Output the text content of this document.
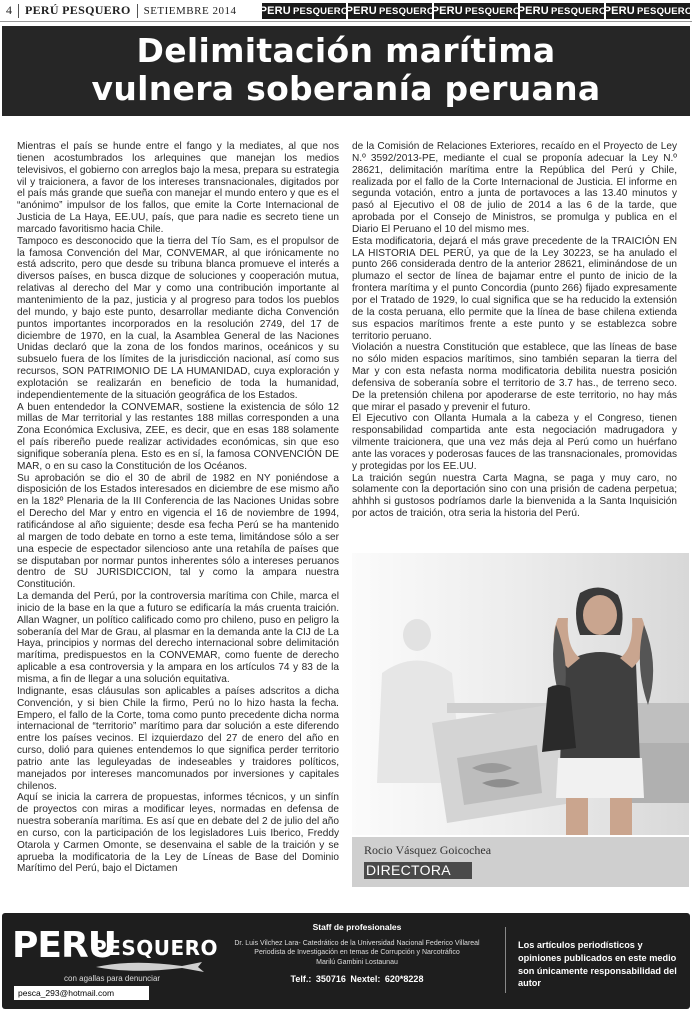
4 PERÚ PESQUERO SETIEMBRE 2014 PERU PESQUERO
PERU PESQUERO
PERU PESQUERO
PERU PESQUERO
PERU PESQUERO
Delimitación marítima
vulnera soberanía peruana

Mientras el país se hunde entre el fango y la mediates, al que nos tienen acostumbrados los arlequines que manejan los medios televisivos, el gobierno con arreglos bajo la mesa, prepara su estrategia vil y traicionera, a favor de los intereses transnacionales, digitados por el país más grande que sueña con manejar el mundo entero y que es el “anónimo” impulsor de los fallos, que emite la Corte Internacional de Justicia de La Haya, EE.UU, país, que para nadie es secreto tiene un marcado favoritismo hacia Chile.

Tampoco es desconocido que la tierra del Tío Sam, es el propulsor de la famosa Convención del Mar, CONVEMAR, al que irónicamente no está adscrito, pero que desde su tribuna blanca promueve el interés a diversos países, en busca dizque de soluciones y cooperación mutua, relativas al derecho del Mar y como una contribución importante al mantenimiento de la paz, justicia y al progreso para todos los pueblos del mundo, y bajo este punto, desarrollar mediante dicha Convención puntos importantes incorporados en la resolución 2749, del 17 de diciembre de 1970, en la cual, la Asamblea General de las Naciones Unidas declaró que la zona de los fondos marinos, oceánicos y su subsuelo fuera de los límites de la jurisdicción nacional, así como sus recursos, SON PATRIMONIO DE LA HUMANIDAD, cuya exploración y explotación se realizarán en beneficio de toda la humanidad, independientemente de la situación geográfica de los Estados.

A buen entendedor la CONVEMAR, sostiene la existencia de sólo 12 millas de Mar territorial y las restantes 188 millas corresponden a una Zona Económica Exclusiva, ZEE, es decir, que en esas 188 solamente el país ribereño puede realizar actividades económicas, sin que eso signifique soberanía plena. Esto es en sí, la famosa CONVENCIÓN DE MAR, o en su caso la Constitución de los Océanos.

Su aprobación se dio el 30 de abril de 1982 en NY poniéndose a disposición de los Estados interesados en diciembre de ese mismo año en la 182º Plenaria de la III Conferencia de las Naciones Unidas sobre el Derecho del Mar y entro en vigencia el 16 de noviembre de 1994, ratificándose al año siguiente; desde esa fecha Perú se ha mantenido al margen de todo debate en torno a este tema, limitándose sólo a ser una especie de espectador silencioso ante una retahíla de países que se disputaban por normar puntos inherentes sólo a intereses peruanos dentro de SU JURISDICCION, tal y como la ampara nuestra Constitución.

La demanda del Perú, por la controversia marítima con Chile, marca el inicio de la base en la que a futuro se edificaría la más cruenta traición. Allan Wagner, un político calificado como pro chileno, puso en peligro la soberanía del Mar de Grau, al plasmar en la demanda ante la CIJ de La Haya, principios y normas del derecho internacional sobre delimitación marítima, predispuestos en la CONVEMAR, como fuente de derecho aplicable a esa controversia y la ampara en los artículos 74 y 83 de la misma, a fin de llegar a una solución equitativa.

Indignante, esas cláusulas son aplicables a países adscritos a dicha Convención, y si bien Chile la firmo, Perú no lo hizo hasta la fecha. Empero, el fallo de la Corte, toma como punto precedente dicha norma internacional de “territorio” marítimo para dar solución a este diferendo entre los países vecinos. El izquierdazo del 27 de enero del año en curso, dolió para quienes entendemos lo que significa perder territorio patrio ante las leguleyadas de indeseables y traidores políticos, manejados por intereses mancomunados por inversiones y capitales chilenos.

Aquí se inicia la carrera de propuestas, informes técnicos, y un sinfín de proyectos con miras a modificar leyes, normadas en defensa de nuestra soberanía marítima. Es así que en debate del 2 de julio del año en curso, con la participación de los legisladores Luis Iberico, Freddy Otarola y Carmen Omonte, se desenvaina el sable de la traición y se aprueba la modificatoria de la Ley de Líneas de Base del Dominio Marítimo del Perú, bajo el Dictamen

de la Comisión de Relaciones Exteriores, recaído en el Proyecto de Ley N.º 3592/2013-PE, mediante el cual se proponía adecuar la Ley N.º 28621, delimitación marítima entre la República del Perú y Chile, realizada por el fallo de la Corte Internacional de Justicia. El informe en segunda votación, entro a junta de portavoces a las 13.40 minutos y pasó al Ejecutivo el 08 de julio de 2014 a las 6 de la tarde, que aprobada por el Consejo de Ministros, se promulga y publica en el Diario El Peruano el 10 del mismo mes.

Esta modificatoria, dejará el más grave precedente de la TRAICIÓN EN LA HISTORIA DEL PERÚ, ya que de la Ley 30223, se ha anulado el punto 266 considerada dentro de la anterior 28621, eliminándose de un plumazo el sector de línea de bajamar entre el punto de inicio de la frontera marítima y el punto Concordia (punto 266) fijado expresamente por el Tratado de 1929, lo cual significa que se ha reducido la extensión de la costa peruana, ello permite que la línea de base chilena extienda sus espacios marítimos frente a este punto y se establezca sobre territorio peruano.

Violación a nuestra Constitución que establece, que las líneas de base no sólo miden espacios marítimos, sino también separan la tierra del Mar y con esta nefasta norma modificatoria debilita nuestra posición defensiva de soberanía sobre el territorio de 3.7 has., de terreno seco. De la pretensión chilena por apoderarse de este territorio, no hay más que mirar el pasado y prevenir el futuro.

El Ejecutivo con Ollanta Humala a la cabeza y el Congreso, tienen responsabilidad compartida ante esta negociación madrugadora y vilmente traicionera, que una vez más deja al Perú como un huérfano ante las voraces y poderosas fauces de las transnacionales, promovidas y protegidas por los EE.UU.

La traición según nuestra Carta Magna, se paga y muy caro, no solamente con la deportación sino con una prisión de cadena perpetua; ahhhh si gustosos podríamos darle la bienvenida a la Santa Inquisición por actos de traición, otra seria la historia del Perú.

Rocio Vásquez Goicochea
DIRECTORA
PERU
PESQUERO
con agallas para denunciar
pesca_293@hotmail.com
Staff de profesionales
Dr. Luis Vilchez Lara- Catedrático de la Universidad Nacional Federico Villareal
Periodista de Investigación en temas de Corrupción y Narcotráfico
Marilú Gambini Lostaunau
Telf.: 350716 Nextel: 620*8228
Los artículos periodísticos y opiniones publicados en este medio son únicamente responsabilidad del autor
